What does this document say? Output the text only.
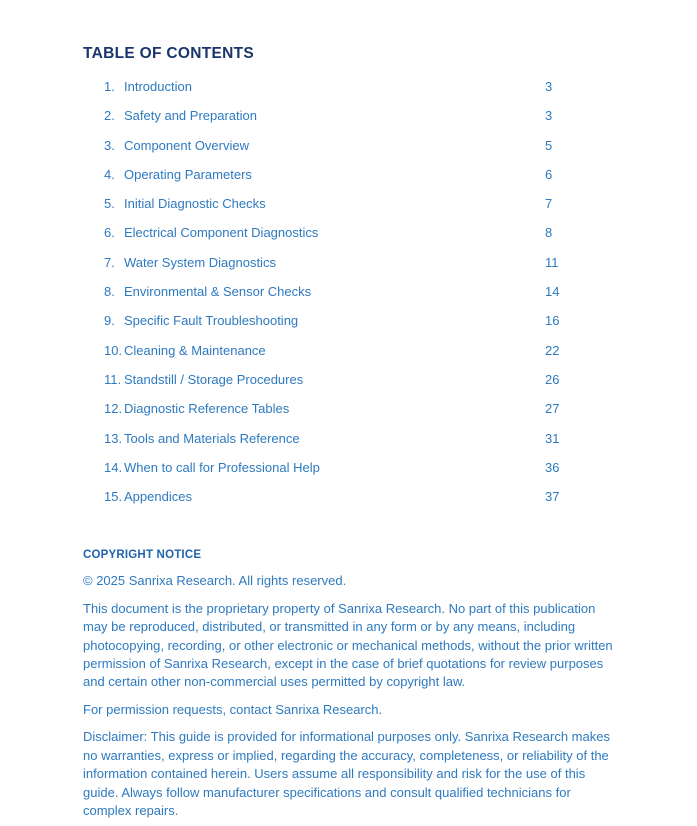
TABLE OF CONTENTS
1. Introduction	3
2. Safety and Preparation	3
3. Component Overview	5
4. Operating Parameters	6
5. Initial Diagnostic Checks	7
6. Electrical Component Diagnostics	8
7. Water System Diagnostics	11
8. Environmental & Sensor Checks	14
9. Specific Fault Troubleshooting	16
10. Cleaning & Maintenance	22
11. Standstill / Storage Procedures	26
12. Diagnostic Reference Tables	27
13. Tools and Materials Reference	31
14. When to call for Professional Help	36
15. Appendices	37
COPYRIGHT NOTICE

© 2025 Sanrixa Research. All rights reserved.

This document is the proprietary property of Sanrixa Research. No part of this publication may be reproduced, distributed, or transmitted in any form or by any means, including photocopying, recording, or other electronic or mechanical methods, without the prior written permission of Sanrixa Research, except in the case of brief quotations for review purposes and certain other non-commercial uses permitted by copyright law.

For permission requests, contact Sanrixa Research.

Disclaimer: This guide is provided for informational purposes only. Sanrixa Research makes no warranties, express or implied, regarding the accuracy, completeness, or reliability of the information contained herein. Users assume all responsibility and risk for the use of this guide. Always follow manufacturer specifications and consult qualified technicians for complex repairs.
